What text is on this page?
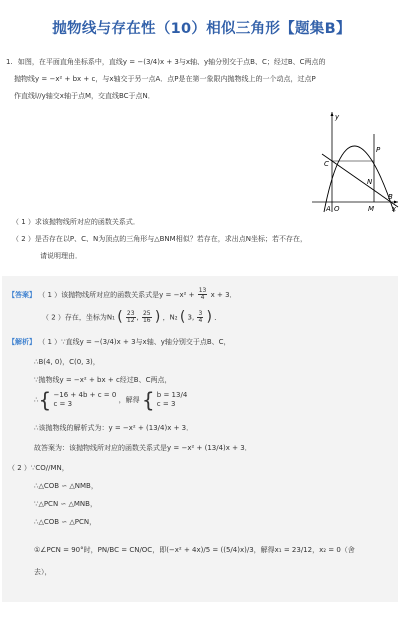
抛物线与存在性（10）相似三角形【题集B】
1. 如图，在平面直角坐标系中，直线y = −(3/4)x + 3与x轴、y轴分别交于点B、C；经过B、C两点的
抛物线y = −x² + bx + c，与x轴交于另一点A．点P是在第一象限内抛物线上的一个动点，过点P
作直线l//y轴交x轴于点M，交直线BC于点N．
y
x
A O	M
B
C
N
P
（ 1 ）求该抛物线所对应的函数关系式．
（ 2 ）是否存在以P、C、N为顶点的三角形与△BNM相似？若存在，求出点N坐标；若不存在，
请说明理由．
【答案】 （ 1 ）该抛物线所对应的函数关系式是$y = -x^2 + \frac{13}{4}$ x + 3．
（ 2 ）存在，坐标为N₁ ( $\frac{23}{12}$ , $\frac{25}{16}$ ) ，N₂ ( 3, $\frac{3}{4}$ ) ．
【解析】 （ 1 ）∵直线y = −(3/4)x + 3与x轴、y轴分别交于点B、C，
∴B(4, 0)，C(0, 3)，
∵抛物线y = −x² + bx + c经过B、C两点，
∴{ −16 + 4b + c = 0
c = 3	，解得 { b = 13/4
c = 3
∴该抛物线的解析式为：y = −x² + (13/4)x + 3．
故答案为：该抛物线所对应的函数关系式是y = −x² + (13/4)x + 3．
（ 2 ）∵CO//MN，
∴△COB ∽ △NMB，
∵△PCN ∽ △MNB，
∴△COB ∽ △PCN，
①∠PCN = 90°时，PN/BC = CN/OC，即(−x² + 4x)/5 = ((5/4)x)/3，解得x₁ = 23/12，x₂ = 0（舍
去），
